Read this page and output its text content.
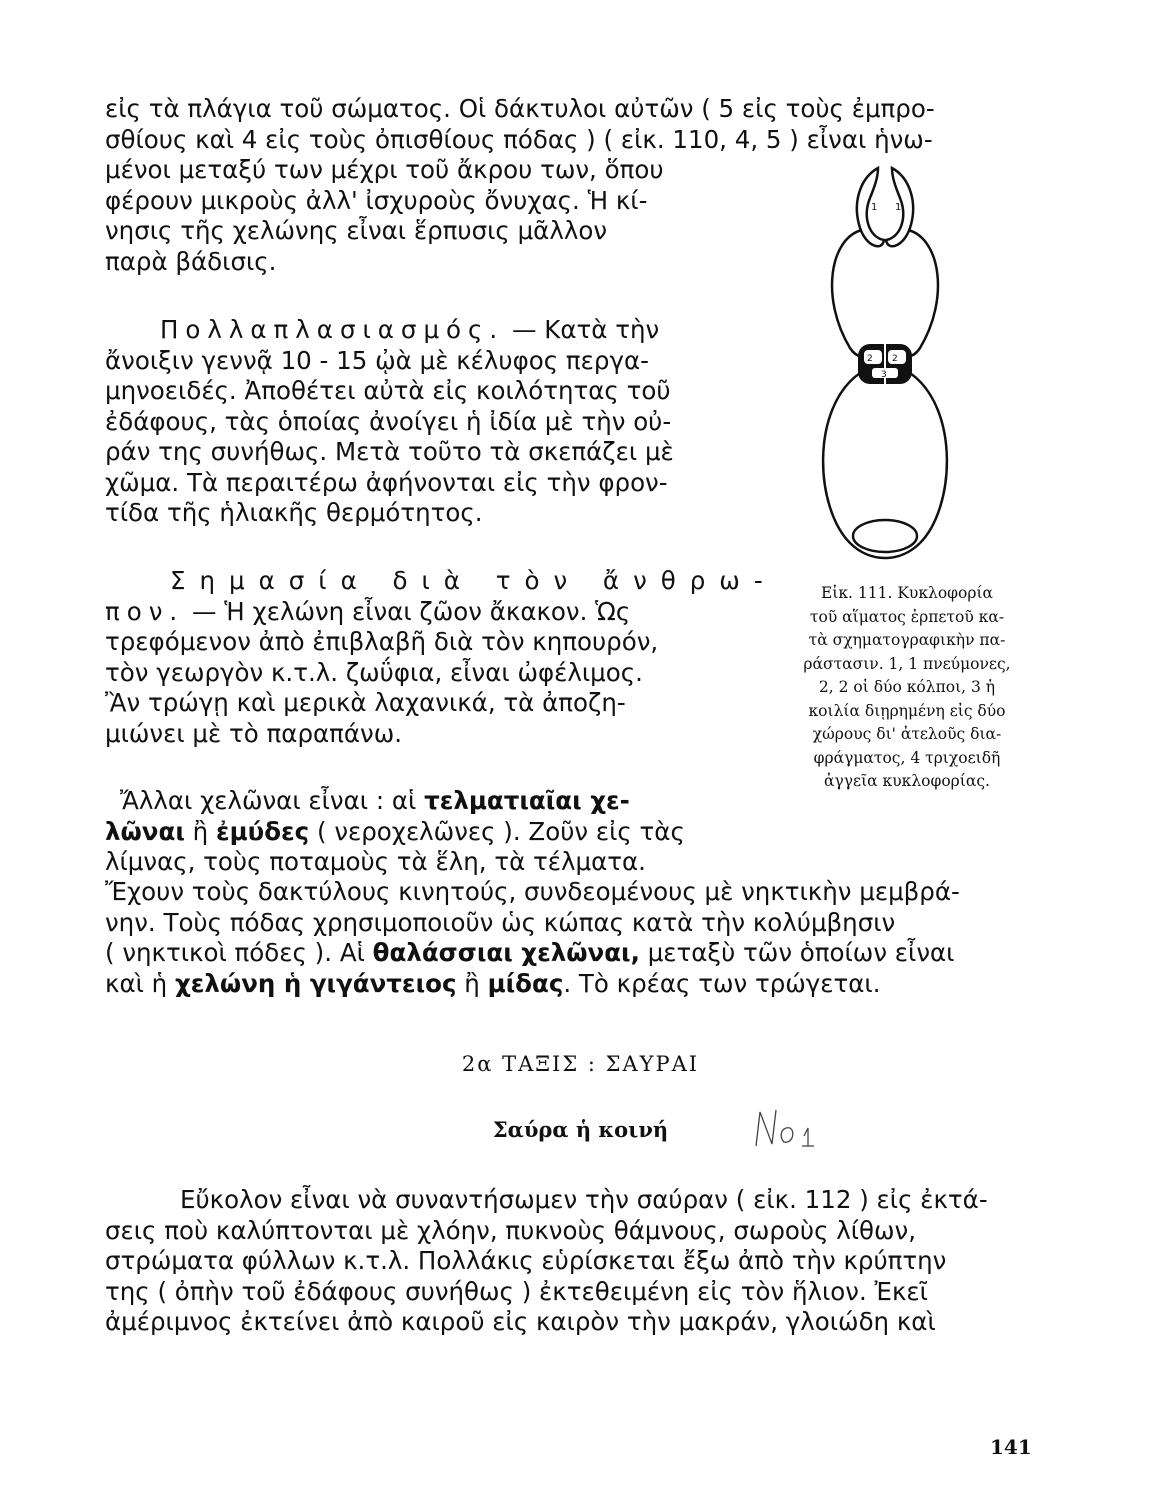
εἰς τὰ πλάγια τοῦ σώματος. Οἱ δάκτυλοι αὐτῶν ( 5 εἰς τοὺς ἐμπρο-
σθίους καὶ 4 εἰς τοὺς ὀπισθίους πόδας ) ( εἰκ. 110, 4, 5 ) εἶναι ἡνω-
μένοι μεταξύ των μέχρι τοῦ ἄκρου των, ὅπου
φέρουν μικροὺς ἀλλ' ἰσχυροὺς ὄνυχας. Ἡ κί-
νησις τῆς χελώνης εἶναι ἕρπυσις μᾶλλον
παρὰ βάδισις.
Πολλαπλασιασμός. — Κατὰ τὴν
ἄνοιξιν γεννᾷ 10 - 15 ᾠὰ μὲ κέλυφος περγα-
μηνοειδές. Ἀποθέτει αὐτὰ εἰς κοιλότητας τοῦ
ἐδάφους, τὰς ὁποίας ἀνοίγει ἡ ἰδία μὲ τὴν οὐ-
ράν της συνήθως. Μετὰ τοῦτο τὰ σκεπάζει μὲ
χῶμα. Τὰ περαιτέρω ἀφήνονται εἰς τὴν φρον-
τίδα τῆς ἡλιακῆς θερμότητος.
Σημασία διὰ τὸν ἄνθρω-
πον. — Ἡ χελώνη εἶναι ζῶον ἄκακον. Ὡς
τρεφόμενον ἀπὸ ἐπιβλαβῆ διὰ τὸν κηπουρόν,
τὸν γεωργὸν κ.τ.λ. ζωΰφια, εἶναι ὠφέλιμος.
Ἂν τρώγῃ καὶ μερικὰ λαχανικά, τὰ ἀποζη-
μιώνει μὲ τὸ παραπάνω.
Ἄλλαι χελῶναι εἶναι : αἱ τελματιαῖαι χε-
λῶναι ἢ ἐμύδες ( νεροχελῶνες ). Ζοῦν εἰς τὰς
λίμνας, τοὺς ποταμοὺς τὰ ἕλη, τὰ τέλματα.
Ἔχουν τοὺς δακτύλους κινητούς, συνδεομένους μὲ νηκτικὴν μεμβρά-
νην. Τοὺς πόδας χρησιμοποιοῦν ὡς κώπας κατὰ τὴν κολύμβησιν
( νηκτικοὶ πόδες ). Αἱ θαλάσσιαι χελῶναι, μεταξὺ τῶν ὁποίων εἶναι
καὶ ἡ χελώνη ἡ γιγάντειος ἢ μίδας. Τὸ κρέας των τρώγεται.
1 1
2 2
3
Εἰκ. 111. Κυκλοφορία
τοῦ αἵματος ἑρπετοῦ κα-
τὰ σχηματογραφικὴν πα-
ράστασιν. 1, 1 πνεύμονες,
2, 2 οἱ δύο κόλποι, 3 ἡ
κοιλία διῃρημένη εἰς δύο
χώρους δι' ἀτελοῦς δια-
φράγματος, 4 τριχοειδῆ
ἀγγεῖα κυκλοφορίας.
2α ΤΑΞΙΣ : ΣΑΥΡΑΙ
Σαύρα ἡ κοινή
Εὔκολον εἶναι νὰ συναντήσωμεν τὴν σαύραν ( εἰκ. 112 ) εἰς ἐκτά-
σεις ποὺ καλύπτονται μὲ χλόην, πυκνοὺς θάμνους, σωροὺς λίθων,
στρώματα φύλλων κ.τ.λ. Πολλάκις εὑρίσκεται ἔξω ἀπὸ τὴν κρύπτην
της ( ὀπὴν τοῦ ἐδάφους συνήθως ) ἐκτεθειμένη εἰς τὸν ἥλιον. Ἐκεῖ
ἀμέριμνος ἐκτείνει ἀπὸ καιροῦ εἰς καιρὸν τὴν μακράν, γλοιώδη καὶ
141
